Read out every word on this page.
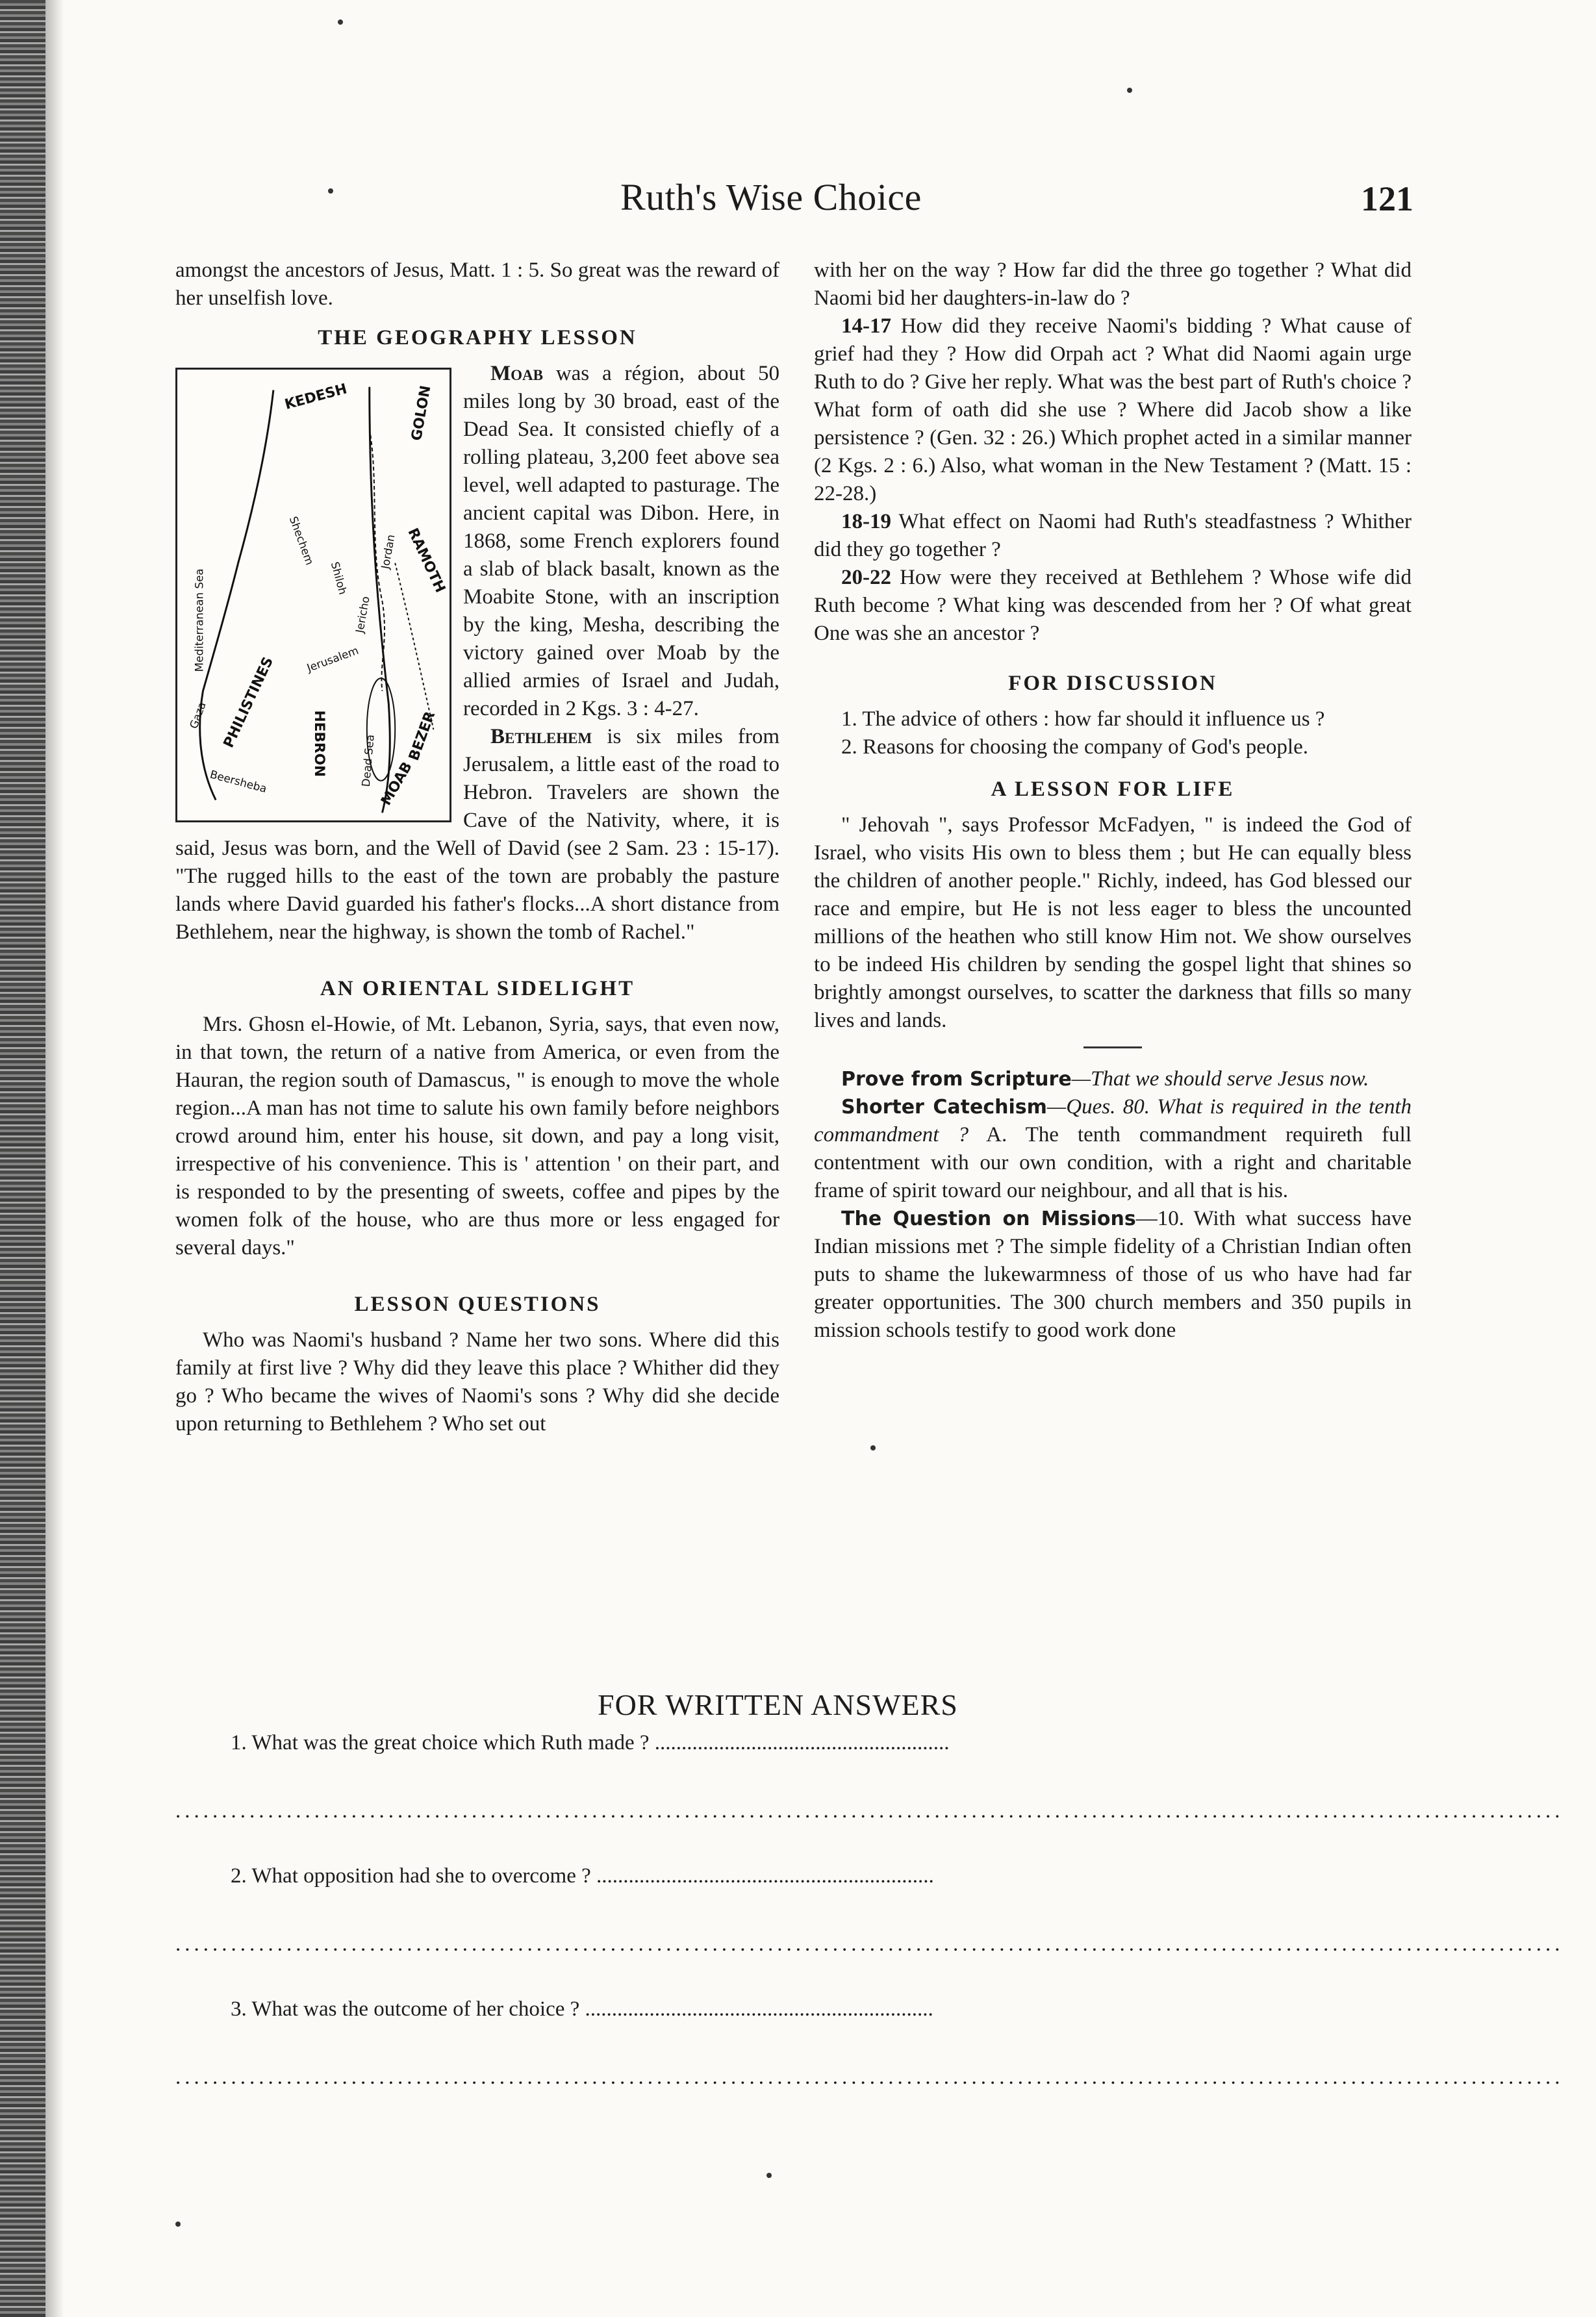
Ruth's Wise Choice	121

amongst the ancestors of Jesus, Matt. 1 : 5. So great was the reward of her unselfish love.

THE GEOGRAPHY LESSON
KEDESH	GOLON
Mediterranean Sea
Shechem	Jordan RAMOTH
PHILISTINES	Jerusalem
HEBRON	Dead Sea MOAB
BEZER
Beersheba
Gaza
Jericho
Shiloh

Moab was a région, about 50 miles long by 30 broad, east of the Dead Sea. It consisted chiefly of a rolling plateau, 3,200 feet above sea level, well adapted to pasturage. The ancient capital was Dibon. Here, in 1868, some French explorers found a slab of black basalt, known as the Moabite Stone, with an inscription by the king, Mesha, describing the victory gained over Moab by the allied armies of Israel and Judah, recorded in 2 Kgs. 3 : 4-27.

Bethlehem is six miles from Jerusalem, a little east of the road to Hebron. Travelers are shown the Cave of the Nativity, where, it is said, Jesus was born, and the Well of David (see 2 Sam. 23 : 15-17). "The rugged hills to the east of the town are probably the pasture lands where David guarded his father's flocks...A short distance from Bethlehem, near the highway, is shown the tomb of Rachel."

AN ORIENTAL SIDELIGHT

Mrs. Ghosn el-Howie, of Mt. Lebanon, Syria, says, that even now, in that town, the return of a native from America, or even from the Hauran, the region south of Damascus, " is enough to move the whole region...A man has not time to salute his own family before neighbors crowd around him, enter his house, sit down, and pay a long visit, irrespective of his convenience. This is ' attention ' on their part, and is responded to by the presenting of sweets, coffee and pipes by the women folk of the house, who are thus more or less engaged for several days."

LESSON QUESTIONS

Who was Naomi's husband ? Name her two sons. Where did this family at first live ? Why did they leave this place ? Whither did they go ? Who became the wives of Naomi's sons ? Why did she decide upon returning to Bethlehem ? Who set out

with her on the way ? How far did the three go together ? What did Naomi bid her daughters-in-law do ?

14-17 How did they receive Naomi's bidding ? What cause of grief had they ? How did Orpah act ? What did Naomi again urge Ruth to do ? Give her reply. What was the best part of Ruth's choice ? What form of oath did she use ? Where did Jacob show a like persistence ? (Gen. 32 : 26.) Which prophet acted in a similar manner (2 Kgs. 2 : 6.) Also, what woman in the New Testament ? (Matt. 15 : 22-28.)

18-19 What effect on Naomi had Ruth's steadfastness ? Whither did they go together ?

20-22 How were they received at Bethlehem ? Whose wife did Ruth become ? What king was descended from her ? Of what great One was she an ancestor ?

FOR DISCUSSION

1. The advice of others : how far should it influence us ?

2. Reasons for choosing the company of God's people.

A LESSON FOR LIFE

" Jehovah ", says Professor McFadyen, " is indeed the God of Israel, who visits His own to bless them ; but He can equally bless the children of another people." Richly, indeed, has God blessed our race and empire, but He is not less eager to bless the uncounted millions of the heathen who still know Him not. We show ourselves to be indeed His children by sending the gospel light that shines so brightly amongst ourselves, to scatter the darkness that fills so many lives and lands.

Prove from Scripture—That we should serve Jesus now.

Shorter Catechism—Ques. 80. What is required in the tenth commandment ? A. The tenth commandment requireth full contentment with our own condition, with a right and charitable frame of spirit toward our neighbour, and all that is his.

The Question on Missions—10. With what success have Indian missions met ? The simple fidelity of a Christian Indian often puts to shame the lukewarmness of those of us who have had far greater opportunities. The 300 church members and 350 pupils in mission schools testify to good work done

FOR WRITTEN ANSWERS
1. What was the great choice which Ruth made ? .......................................................
......................................................................................................................................................
2. What opposition had she to overcome ? ...............................................................
......................................................................................................................................................
3. What was the outcome of her choice ? .................................................................
......................................................................................................................................................
